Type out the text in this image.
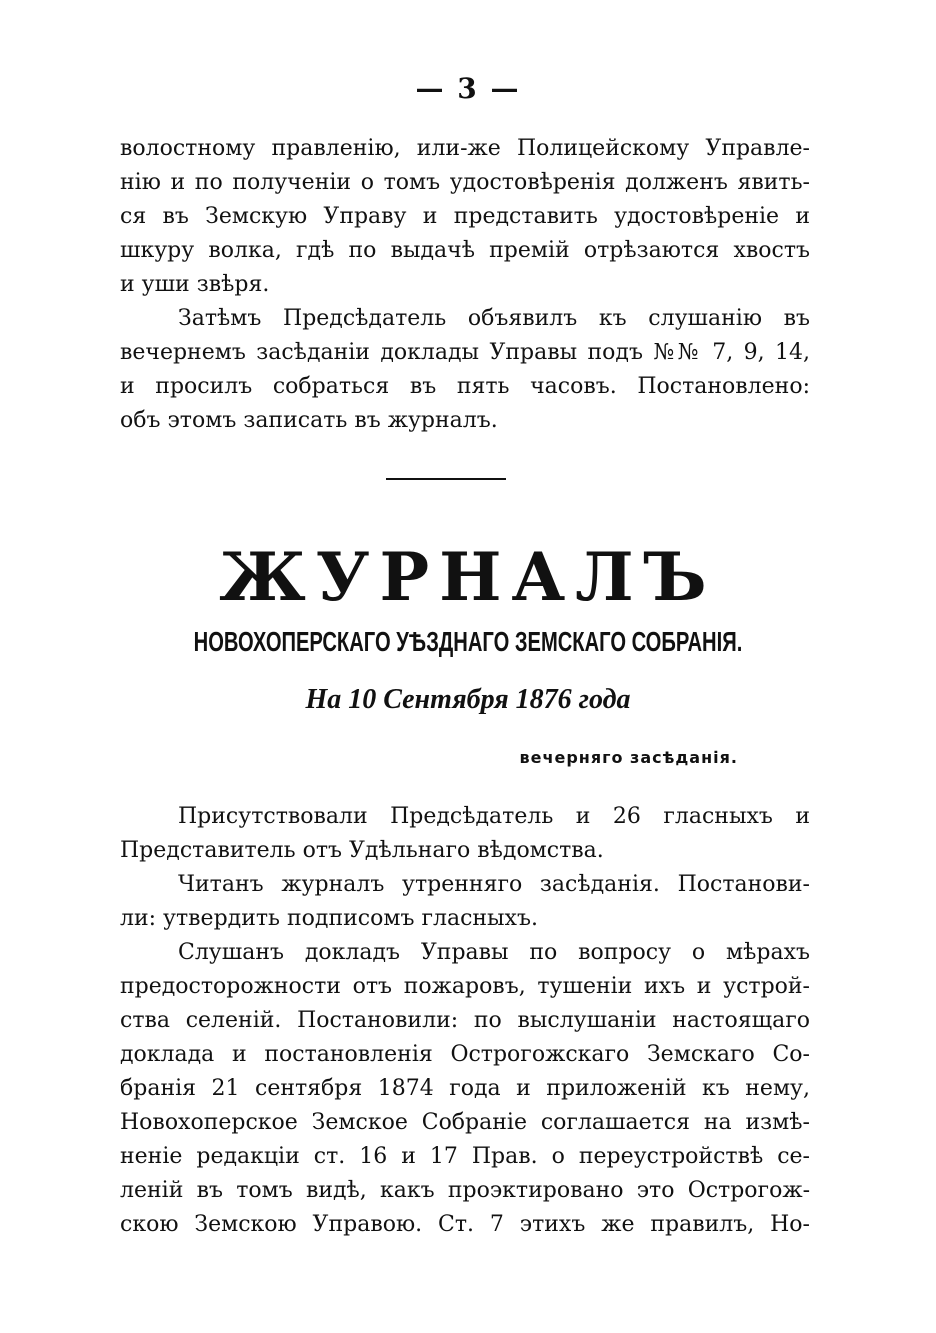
— 3 —
волостному правленію, или-же Полицейскому Управле-
нію и по полученіи о томъ удостовѣренія долженъ явить-
ся въ Земскую Управу и представить удостовѣреніе и
шкуру волка, гдѣ по выдачѣ премій отрѣзаются хвостъ
и уши звѣря.
Затѣмъ Предсѣдатель объявилъ къ слушанію въ
вечернемъ засѣданіи доклады Управы подъ №№ 7, 9, 14,
и просилъ собраться въ пять часовъ. Постановлено:
объ этомъ записать въ журналъ.
ЖУРНАЛЪ
НОВОХОПЕРСКАГО УѢЗДНАГО ЗЕМСКАГО СОБРАНІЯ.
На 10 Сентября 1876 года
вечерняго засѣданія.
Присутствовали Предсѣдатель и 26 гласныхъ и
Представитель отъ Удѣльнаго вѣдомства.
Читанъ журналъ утренняго засѣданія. Постанови-
ли: утвердить подписомъ гласныхъ.
Слушанъ докладъ Управы по вопросу о мѣрахъ
предосторожности отъ пожаровъ, тушеніи ихъ и устрой-
ства селеній. Постановили: по выслушаніи настоящаго
доклада и постановленія Острогожскаго Земскаго Со-
бранія 21 сентября 1874 года и приложеній къ нему,
Новохоперское Земское Собраніе соглашается на измѣ-
неніе редакціи ст. 16 и 17 Прав. о переустройствѣ се-
леній въ томъ видѣ, какъ проэктировано это Острогож-
скою Земскою Управою. Ст. 7 этихъ же правилъ, Но-
